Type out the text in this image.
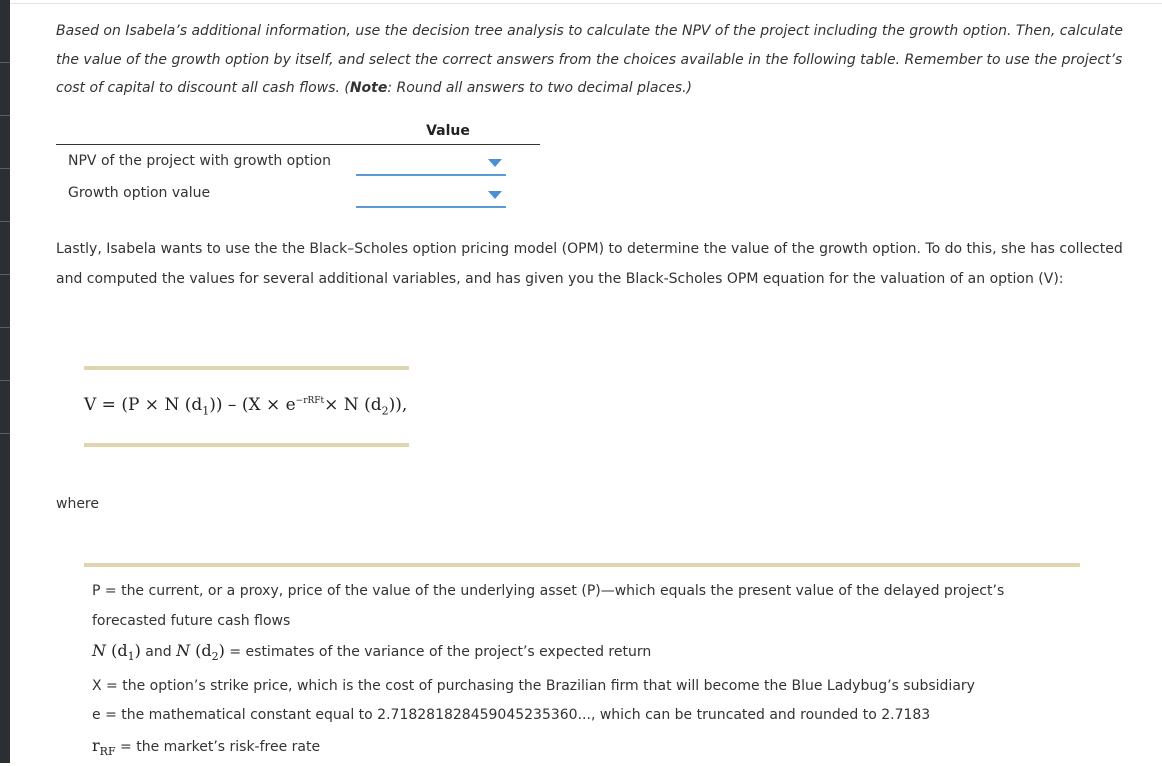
Based on Isabela’s additional information, use the decision tree analysis to calculate the NPV of the project including the growth option. Then, calculate the value of the growth option by itself, and select the correct answers from the choices available in the following table. Remember to use the project’s cost of capital to discount all cash flows. (Note: Round all answers to two decimal places.)

	Value
NPV of the project with growth option	

Growth option value	

Lastly, Isabela wants to use the the Black–Scholes option pricing model (OPM) to determine the value of the growth option. To do this, she has collected and computed the values for several additional variables, and has given you the Black-Scholes OPM equation for the valuation of an option (V):

V = (P × N $(d_1)) - (X \times e^{-rRFt}\times N$ $(d_2)$),
where
P = the current, or a proxy, price of the value of the underlying asset (P)—which equals the present value of the delayed project’s forecasted future cash flows
N $(d_1)$ and N $(d_2)$ = estimates of the variance of the project’s expected return
X = the option’s strike price, which is the cost of purchasing the Brazilian firm that will become the Blue Ladybug’s subsidiary
e = the mathematical constant equal to 2.7182818284590452353​60..., which can be truncated and rounded to 2.7183
$r_{RF}$ = the market’s risk-free rate
